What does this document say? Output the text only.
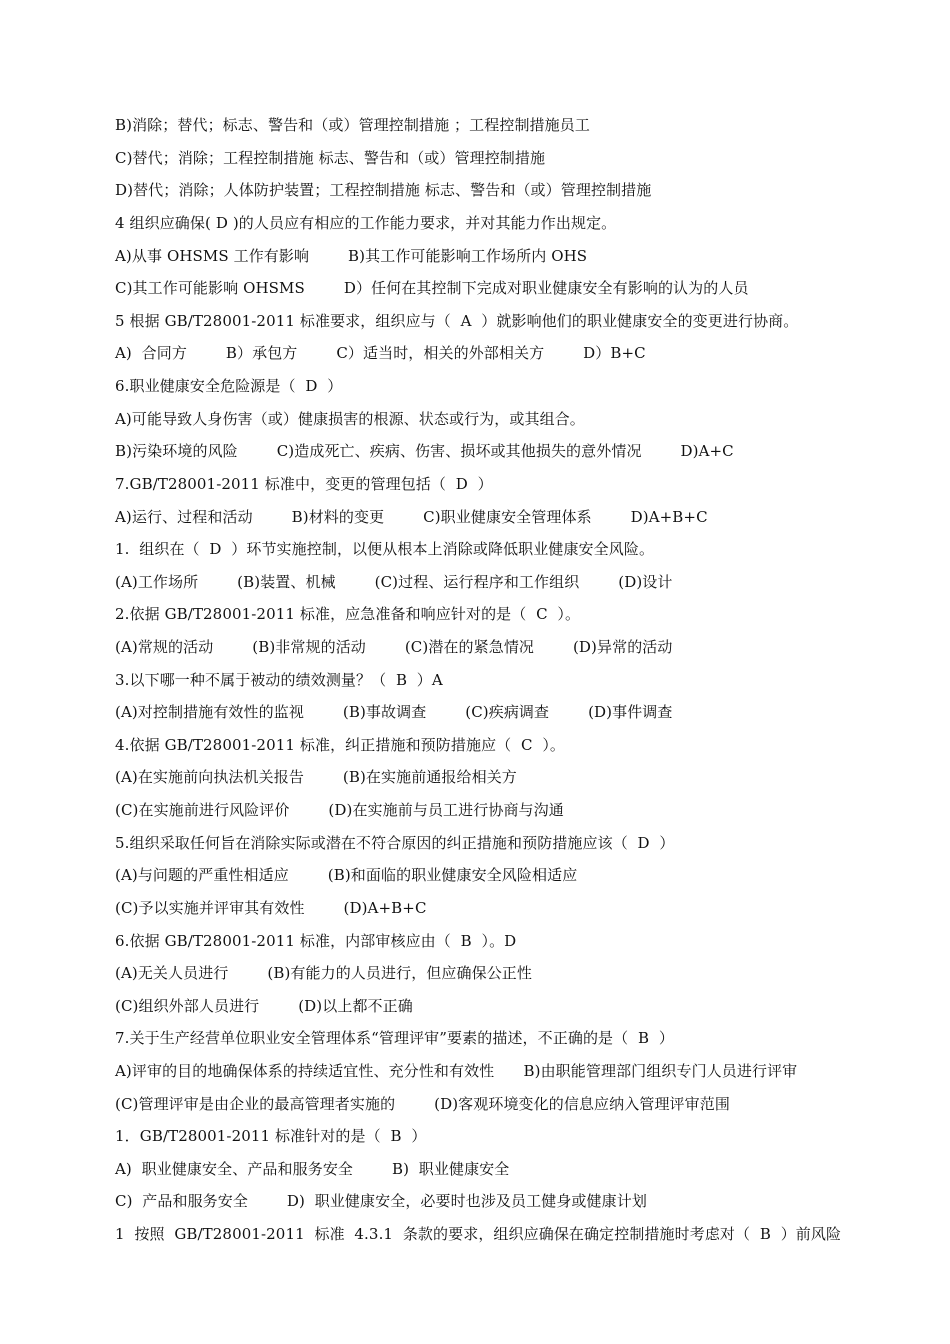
B)消除；替代；标志、警告和（或）管理控制措施 ；工程控制措施员工
C)替代；消除；工程控制措施 标志、警告和（或）管理控制措施
D)替代；消除；人体防护装置；工程控制措施 标志、警告和（或）管理控制措施
4 组织应确保( D )的人员应有相应的工作能力要求，并对其能力作出规定。
A)从事 OHSMS 工作有影响        B)其工作可能影响工作场所内 OHS
C)其工作可能影响 OHSMS        D）任何在其控制下完成对职业健康安全有影响的认为的人员
5 根据 GB/T28001-2011 标准要求，组织应与（  A  ）就影响他们的职业健康安全的变更进行协商。
A)  合同方        B）承包方        C）适当时，相关的外部相关方        D）B+C
6.职业健康安全危险源是（  D  ）
A)可能导致人身伤害（或）健康损害的根源、状态或行为，或其组合。
B)污染环境的风险        C)造成死亡、疾病、伤害、损坏或其他损失的意外情况        D)A+C
7.GB/T28001-2011 标准中，变更的管理包括（  D  ）
A)运行、过程和活动        B)材料的变更        C)职业健康安全管理体系        D)A+B+C
1.  组织在（  D  ）环节实施控制，以便从根本上消除或降低职业健康安全风险。
(A)工作场所        (B)装置、机械        (C)过程、运行程序和工作组织        (D)设计
2.依据 GB/T28001-2011 标准，应急准备和响应针对的是（  C  ）。
(A)常规的活动        (B)非常规的活动        (C)潜在的紧急情况        (D)异常的活动
3.以下哪一种不属于被动的绩效测量？（  B  ）A
(A)对控制措施有效性的监视        (B)事故调查        (C)疾病调查        (D)事件调查
4.依据 GB/T28001-2011 标准，纠正措施和预防措施应（  C  ）。
(A)在实施前向执法机关报告        (B)在实施前通报给相关方
(C)在实施前进行风险评价        (D)在实施前与员工进行协商与沟通
5.组织采取任何旨在消除实际或潜在不符合原因的纠正措施和预防措施应该（  D  ）
(A)与问题的严重性相适应        (B)和面临的职业健康安全风险相适应
(C)予以实施并评审其有效性        (D)A+B+C
6.依据 GB/T28001-2011 标准，内部审核应由（  B  ）。D
(A)无关人员进行        (B)有能力的人员进行，但应确保公正性
(C)组织外部人员进行        (D)以上都不正确
7.关于生产经营单位职业安全管理体系“管理评审”要素的描述，不正确的是（  B  ）
A)评审的目的地确保体系的持续适宜性、充分性和有效性      B)由职能管理部门组织专门人员进行评审
(C)管理评审是由企业的最高管理者实施的        (D)客观环境变化的信息应纳入管理评审范围
1．GB/T28001-2011 标准针对的是（  B  ）
A)  职业健康安全、产品和服务安全        B)  职业健康安全
C)  产品和服务安全        D)  职业健康安全，必要时也涉及员工健身或健康计划
1  按照  GB/T28001-2011  标准  4.3.1  条款的要求，组织应确保在确定控制措施时考虑对（  B  ）前风险
